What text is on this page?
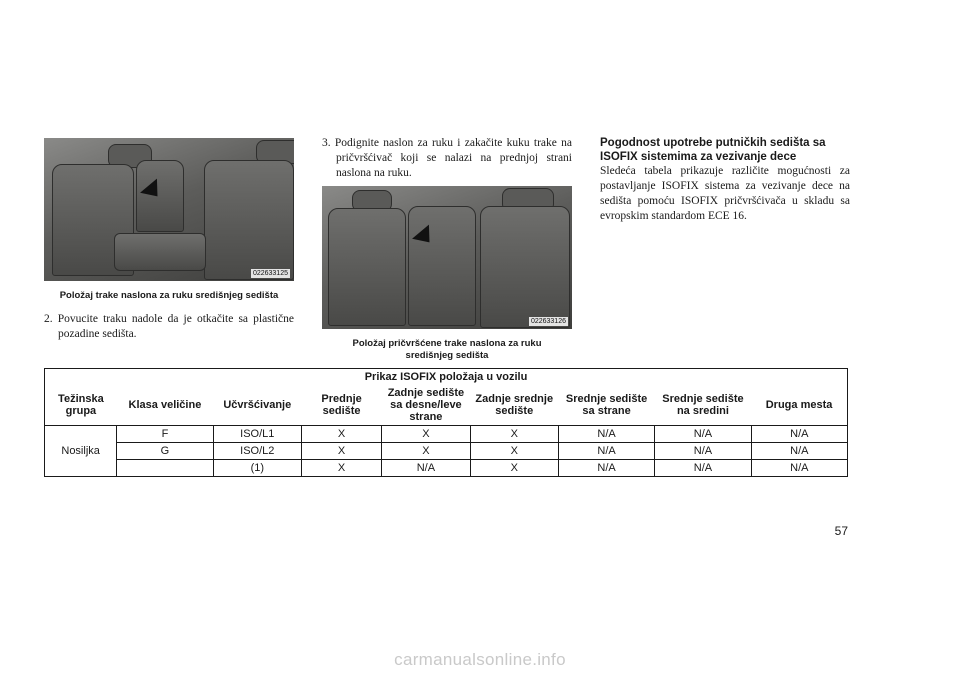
022633125
Položaj trake naslona za ruku središnjeg sedišta
2. Povucite traku nadole da je otkačite sa plastične pozadine sedišta.
3. Podignite naslon za ruku i zakačite kuku trake na pričvršćivač koji se nalazi na prednjoj strani naslona na ruku.
022633126
Položaj pričvršćene trake naslona za ruku središnjeg sedišta
Pogodnost upotrebe putničkih sedišta sa ISOFIX sistemima za vezivanje dece
Sledeća tabela prikazuje različite mogućnosti za postavljanje ISOFIX sistema za vezivanje dece na sedišta pomoću ISOFIX pričvršćivača u skladu sa evropskim standardom ECE 16.
Prikaz ISOFIX položaja u vozilu								
Težinska grupa	Klasa veličine	Učvršćivanje	Prednje sedište	Zadnje sedište sa desne/leve strane	Zadnje srednje sedište	Srednje sedište sa strane	Srednje sedište na sredini	Druga mesta
Nosiljka	F	ISO/L1	X	X	X	N/A	N/A	N/A
	G	ISO/L2	X	X	X	N/A	N/A	N/A
		(1)	X	N/A	X	N/A	N/A	N/A
57
carmanualsonline.info
